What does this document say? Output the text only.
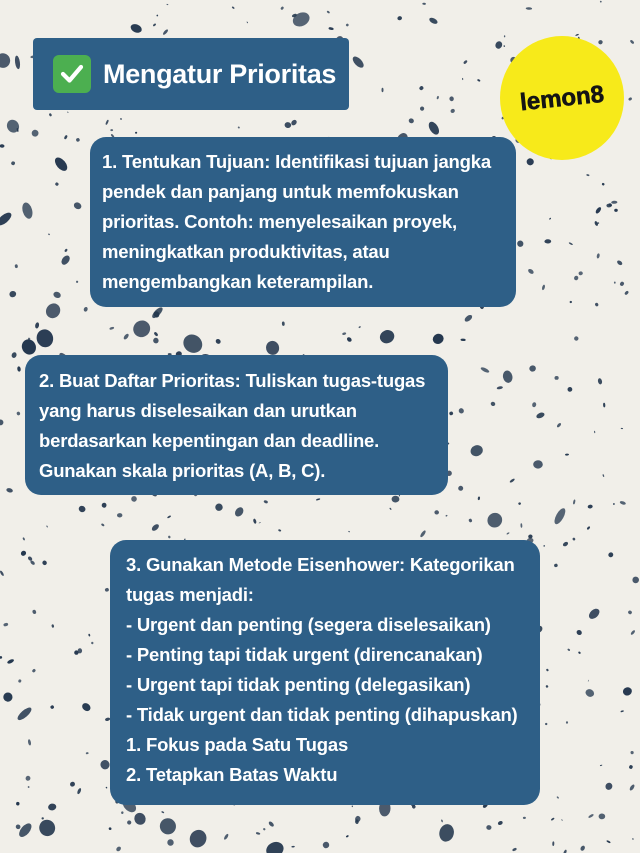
Mengatur Prioritas
lemon8
1. Tentukan Tujuan: Identifikasi tujuan jangka
pendek dan panjang untuk memfokuskan
prioritas. Contoh: menyelesaikan proyek,
meningkatkan produktivitas, atau
mengembangkan keterampilan.
2. Buat Daftar Prioritas: Tuliskan tugas-tugas
yang harus diselesaikan dan urutkan
berdasarkan kepentingan dan deadline.
Gunakan skala prioritas (A, B, C).
3. Gunakan Metode Eisenhower: Kategorikan
tugas menjadi:
- Urgent dan penting (segera diselesaikan)
- Penting tapi tidak urgent (direncanakan)
- Urgent tapi tidak penting (delegasikan)
- Tidak urgent dan tidak penting (dihapuskan)
1. Fokus pada Satu Tugas
2. Tetapkan Batas Waktu
